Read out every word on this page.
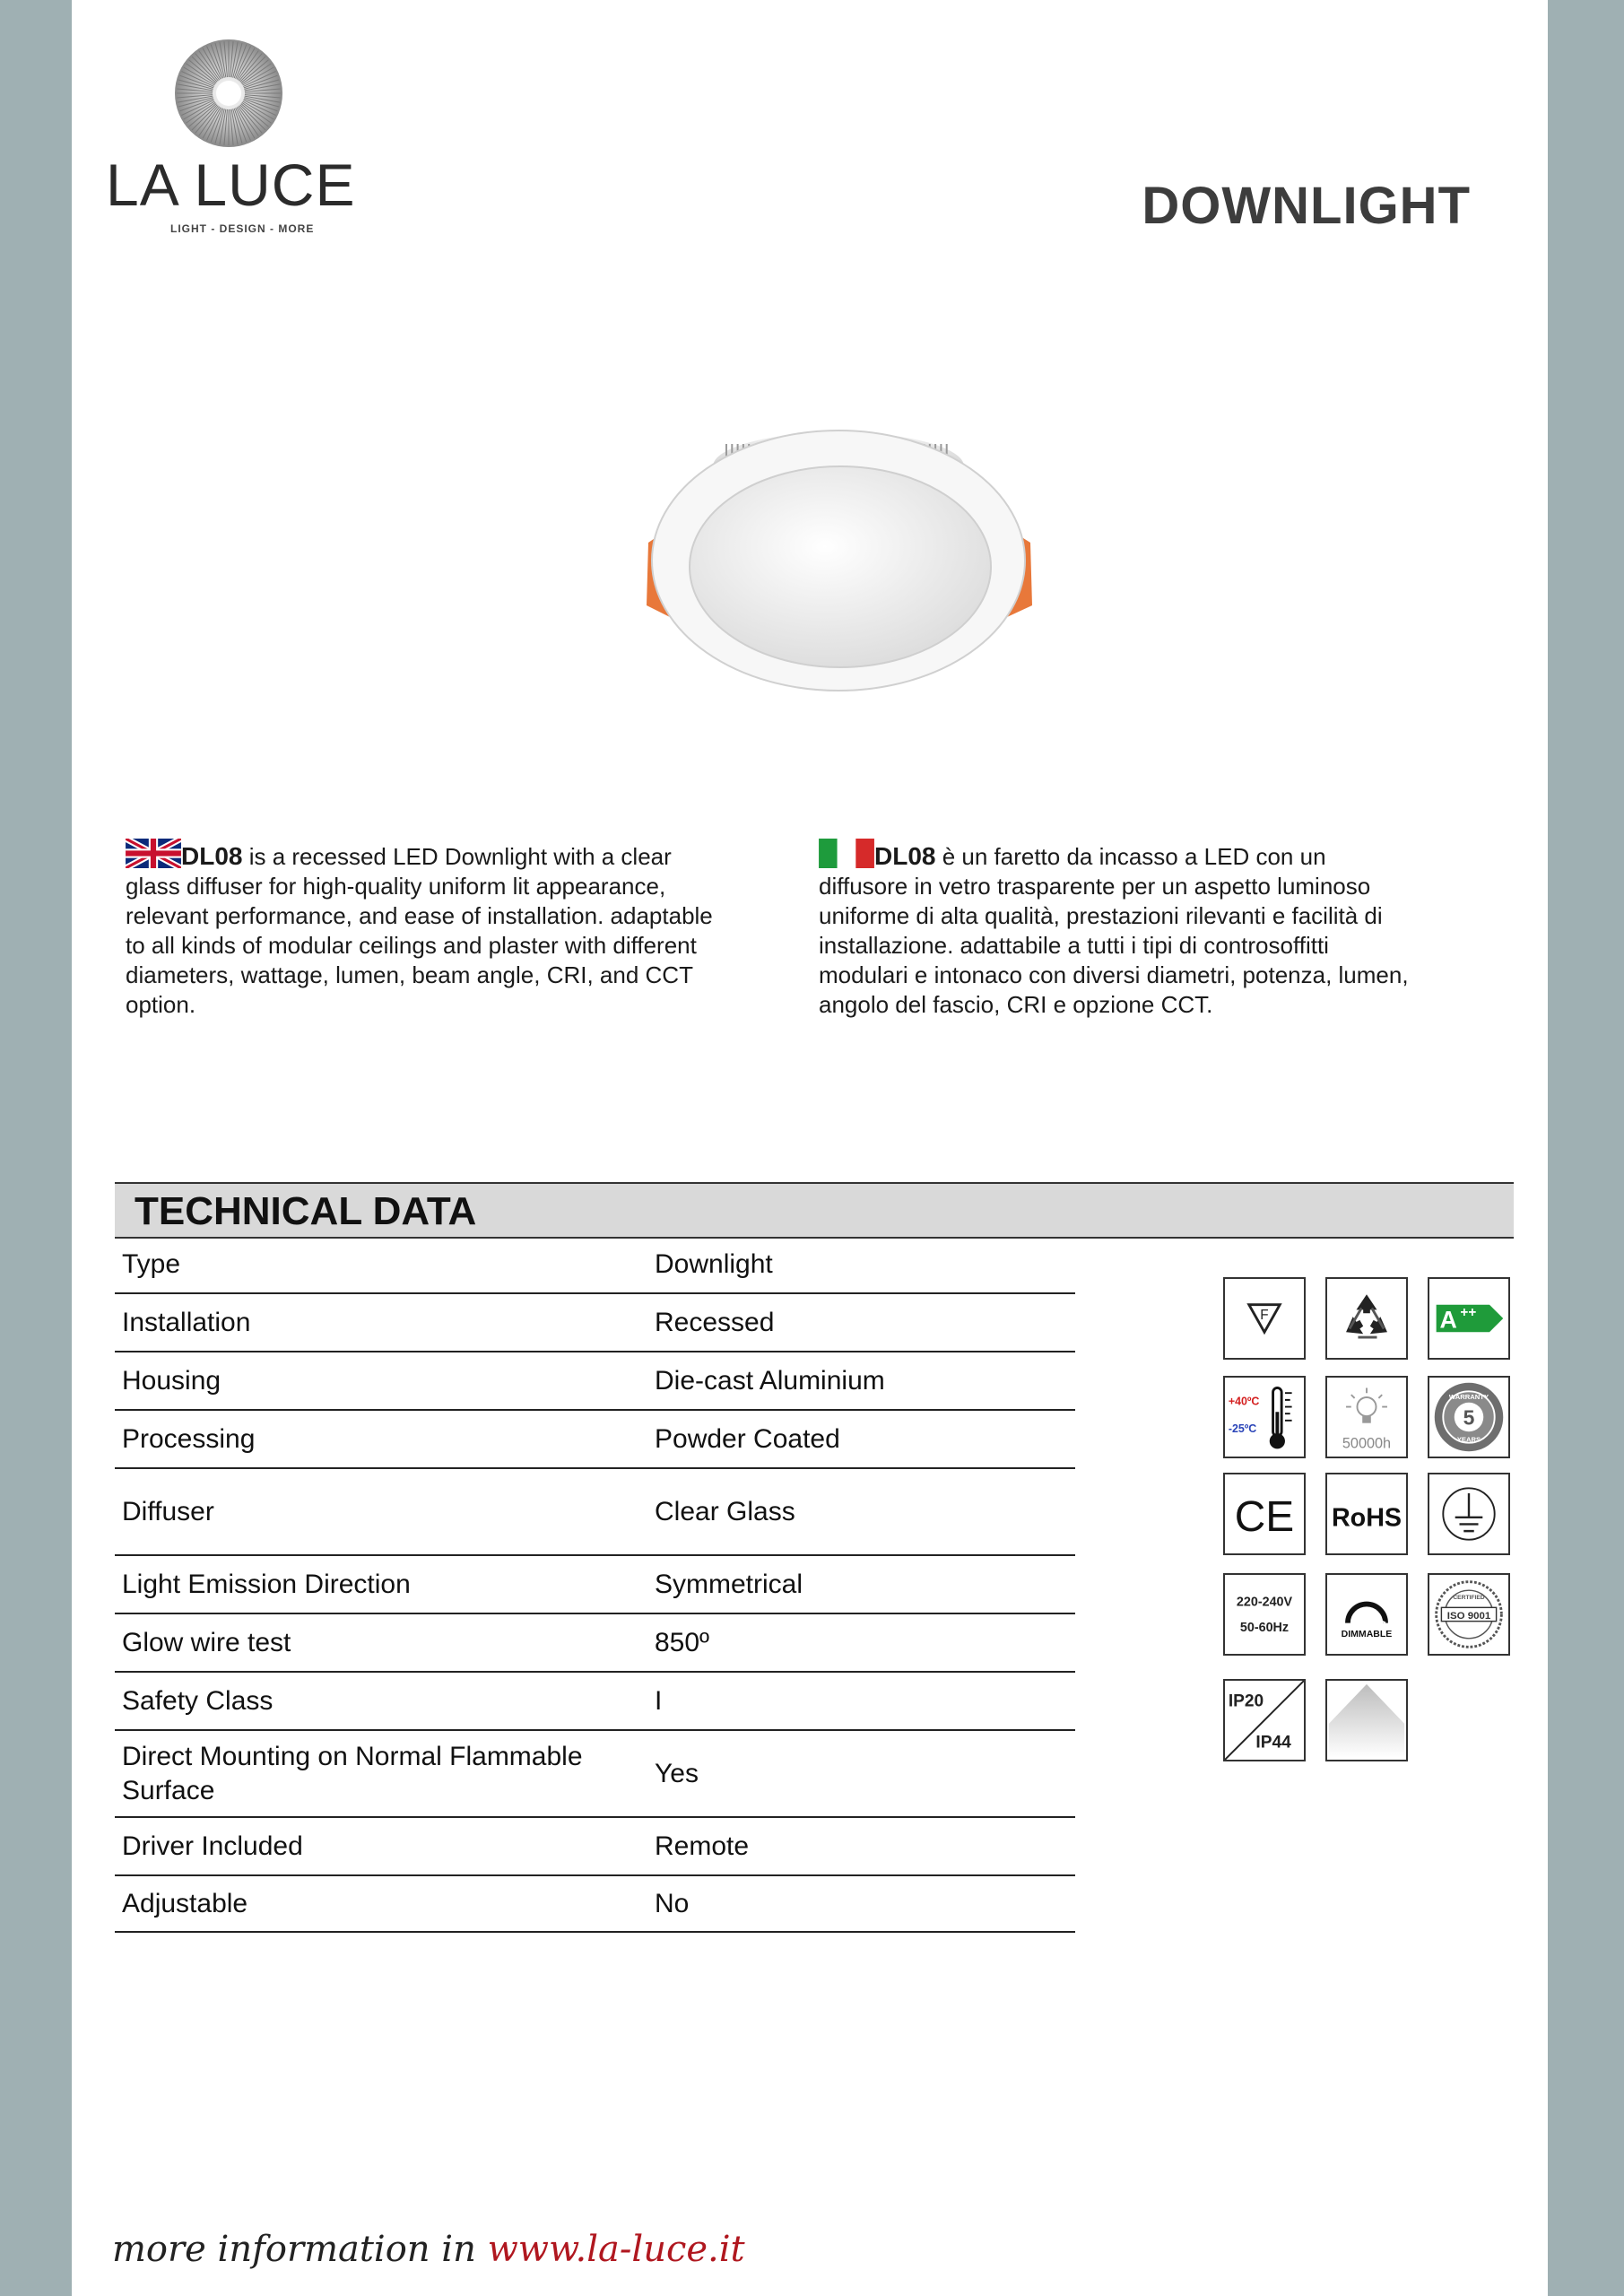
LA LUCE
LIGHT - DESIGN - MORE	DOWNLIGHT
DL08 is a recessed LED Downlight with a clear glass diffuser for high-quality uniform lit appearance, relevant performance, and ease of installation. adaptable to all kinds of modular ceilings and plaster with different diameters, wattage, lumen, beam angle, CRI, and CCT option.
DL08 è un faretto da incasso a LED con un diffusore in vetro trasparente per un aspetto luminoso uniforme di alta qualità, prestazioni rilevanti e facilità di installazione. adattabile a tutti i tipi di controsoffitti modulari e intonaco con diversi diametri, potenza, lumen, angolo del fascio, CRI e opzione CCT.
TECHNICAL DATA
Type	Downlight
Installation	Recessed
Housing	Die-cast Aluminium
Processing	Powder Coated
Diffuser	Clear Glass
Light Emission Direction	Symmetrical
Glow wire test	850º
Safety Class	I
Direct Mounting on Normal Flammable Surface	Yes
Driver Included	Remote
Adjustable	No
F	A ++
+40ºC
-25ºC
50000h
5
WARRANTY
YEARS
CE RoHS
220-240V
50-60Hz	DIMMABLE
ISO 9001
CERTIFIED
IP20
IP44
more information in www.la-luce.it
